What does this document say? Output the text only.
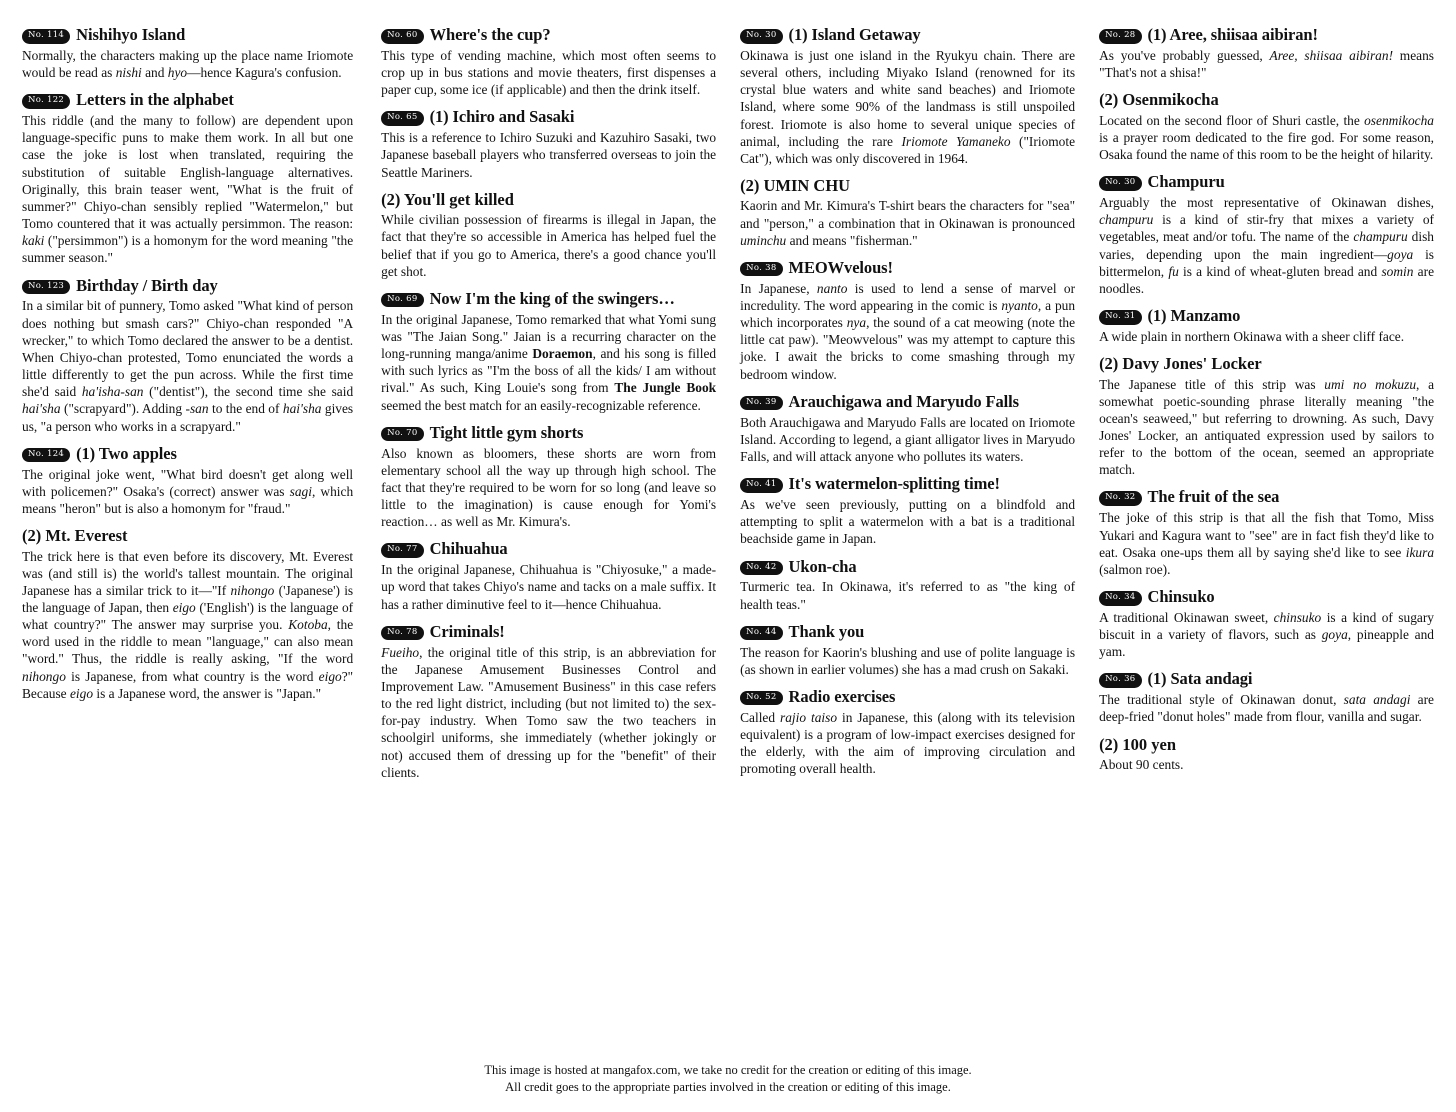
No. 114 Nishihyo Island

Normally, the characters making up the place name Iriomote would be read as nishi and hyo—hence Kagura's confusion.

No. 122 Letters in the alphabet

This riddle (and the many to follow) are dependent upon language-specific puns to make them work. In all but one case the joke is lost when translated, requiring the substitution of suitable English-language alternatives. Originally, this brain teaser went, "What is the fruit of summer?" Chiyo-chan sensibly replied "Watermelon," but Tomo countered that it was actually persimmon. The reason: kaki ("persimmon") is a homonym for the word meaning "the summer season."

No. 123 Birthday / Birth day

In a similar bit of punnery, Tomo asked "What kind of person does nothing but smash cars?" Chiyo-chan responded "A wrecker," to which Tomo declared the answer to be a dentist. When Chiyo-chan protested, Tomo enunciated the words a little differently to get the pun across. While the first time she'd said ha'isha-san ("dentist"), the second time she said hai'sha ("scrapyard"). Adding -san to the end of hai'sha gives us, "a person who works in a scrapyard."

No. 124 (1) Two apples

The original joke went, "What bird doesn't get along well with policemen?" Osaka's (correct) answer was sagi, which means "heron" but is also a homonym for "fraud."

(2) Mt. Everest

The trick here is that even before its discovery, Mt. Everest was (and still is) the world's tallest mountain. The original Japanese has a similar trick to it—"If nihongo ('Japanese') is the language of Japan, then eigo ('English') is the language of what country?" The answer may surprise you. Kotoba, the word used in the riddle to mean "language," can also mean "word." Thus, the riddle is really asking, "If the word nihongo is Japanese, from what country is the word eigo?" Because eigo is a Japanese word, the answer is "Japan."

No. 60 Where's the cup?

This type of vending machine, which most often seems to crop up in bus stations and movie theaters, first dispenses a paper cup, some ice (if applicable) and then the drink itself.

No. 65 (1) Ichiro and Sasaki

This is a reference to Ichiro Suzuki and Kazuhiro Sasaki, two Japanese baseball players who transferred overseas to join the Seattle Mariners.

(2) You'll get killed

While civilian possession of firearms is illegal in Japan, the fact that they're so accessible in America has helped fuel the belief that if you go to America, there's a good chance you'll get shot.

No. 69 Now I'm the king of the swingers…

In the original Japanese, Tomo remarked that what Yomi sung was "The Jaian Song." Jaian is a recurring character on the long-running manga/anime Doraemon, and his song is filled with such lyrics as "I'm the boss of all the kids/ I am without rival." As such, King Louie's song from The Jungle Book seemed the best match for an easily-recognizable reference.

No. 70 Tight little gym shorts

Also known as bloomers, these shorts are worn from elementary school all the way up through high school. The fact that they're required to be worn for so long (and leave so little to the imagination) is cause enough for Yomi's reaction… as well as Mr. Kimura's.

No. 77 Chihuahua

In the original Japanese, Chihuahua is "Chiyosuke," a made-up word that takes Chiyo's name and tacks on a male suffix. It has a rather diminutive feel to it—hence Chihuahua.

No. 78 Criminals!

Fueiho, the original title of this strip, is an abbreviation for the Japanese Amusement Businesses Control and Improvement Law. "Amusement Business" in this case refers to the red light district, including (but not limited to) the sex-for-pay industry. When Tomo saw the two teachers in schoolgirl uniforms, she immediately (whether jokingly or not) accused them of dressing up for the "benefit" of their clients.

No. 30 (1) Island Getaway

Okinawa is just one island in the Ryukyu chain. There are several others, including Miyako Island (renowned for its crystal blue waters and white sand beaches) and Iriomote Island, where some 90% of the landmass is still unspoiled forest. Iriomote is also home to several unique species of animal, including the rare Iriomote Yamaneko ("Iriomote Cat"), which was only discovered in 1964.

(2) UMIN CHU

Kaorin and Mr. Kimura's T-shirt bears the characters for "sea" and "person," a combination that in Okinawan is pronounced uminchu and means "fisherman."

No. 38 MEOWvelous!

In Japanese, nanto is used to lend a sense of marvel or incredulity. The word appearing in the comic is nyanto, a pun which incorporates nya, the sound of a cat meowing (note the little cat paw). "Meowvelous" was my attempt to capture this joke. I await the bricks to come smashing through my bedroom window.

No. 39 Arauchigawa and Maryudo Falls

Both Arauchigawa and Maryudo Falls are located on Iriomote Island. According to legend, a giant alligator lives in Maryudo Falls, and will attack anyone who pollutes its waters.

No. 41 It's watermelon-splitting time!

As we've seen previously, putting on a blindfold and attempting to split a watermelon with a bat is a traditional beachside game in Japan.

No. 42 Ukon-cha

Turmeric tea. In Okinawa, it's referred to as "the king of health teas."

No. 44 Thank you

The reason for Kaorin's blushing and use of polite language is (as shown in earlier volumes) she has a mad crush on Sakaki.

No. 52 Radio exercises

Called rajio taiso in Japanese, this (along with its television equivalent) is a program of low-impact exercises designed for the elderly, with the aim of improving circulation and promoting overall health.

No. 28 (1) Aree, shiisaa aibiran!

As you've probably guessed, Aree, shiisaa aibiran! means "That's not a shisa!"

(2) Osenmikocha

Located on the second floor of Shuri castle, the osenmikocha is a prayer room dedicated to the fire god. For some reason, Osaka found the name of this room to be the height of hilarity.

No. 30 Champuru

Arguably the most representative of Okinawan dishes, champuru is a kind of stir-fry that mixes a variety of vegetables, meat and/or tofu. The name of the champuru dish varies, depending upon the main ingredient—goya is bittermelon, fu is a kind of wheat-gluten bread and somin are noodles.

No. 31 (1) Manzamo

A wide plain in northern Okinawa with a sheer cliff face.

(2) Davy Jones' Locker

The Japanese title of this strip was umi no mokuzu, a somewhat poetic-sounding phrase literally meaning "the ocean's seaweed," but referring to drowning. As such, Davy Jones' Locker, an antiquated expression used by sailors to refer to the bottom of the ocean, seemed an appropriate match.

No. 32 The fruit of the sea

The joke of this strip is that all the fish that Tomo, Miss Yukari and Kagura want to "see" are in fact fish they'd like to eat. Osaka one-ups them all by saying she'd like to see ikura (salmon roe).

No. 34 Chinsuko

A traditional Okinawan sweet, chinsuko is a kind of sugary biscuit in a variety of flavors, such as goya, pineapple and yam.

No. 36 (1) Sata andagi

The traditional style of Okinawan donut, sata andagi are deep-fried "donut holes" made from flour, vanilla and sugar.

(2) 100 yen

About 90 cents.

This image is hosted at mangafox.com, we take no credit for the creation or editing of this image.
All credit goes to the appropriate parties involved in the creation or editing of this image.
